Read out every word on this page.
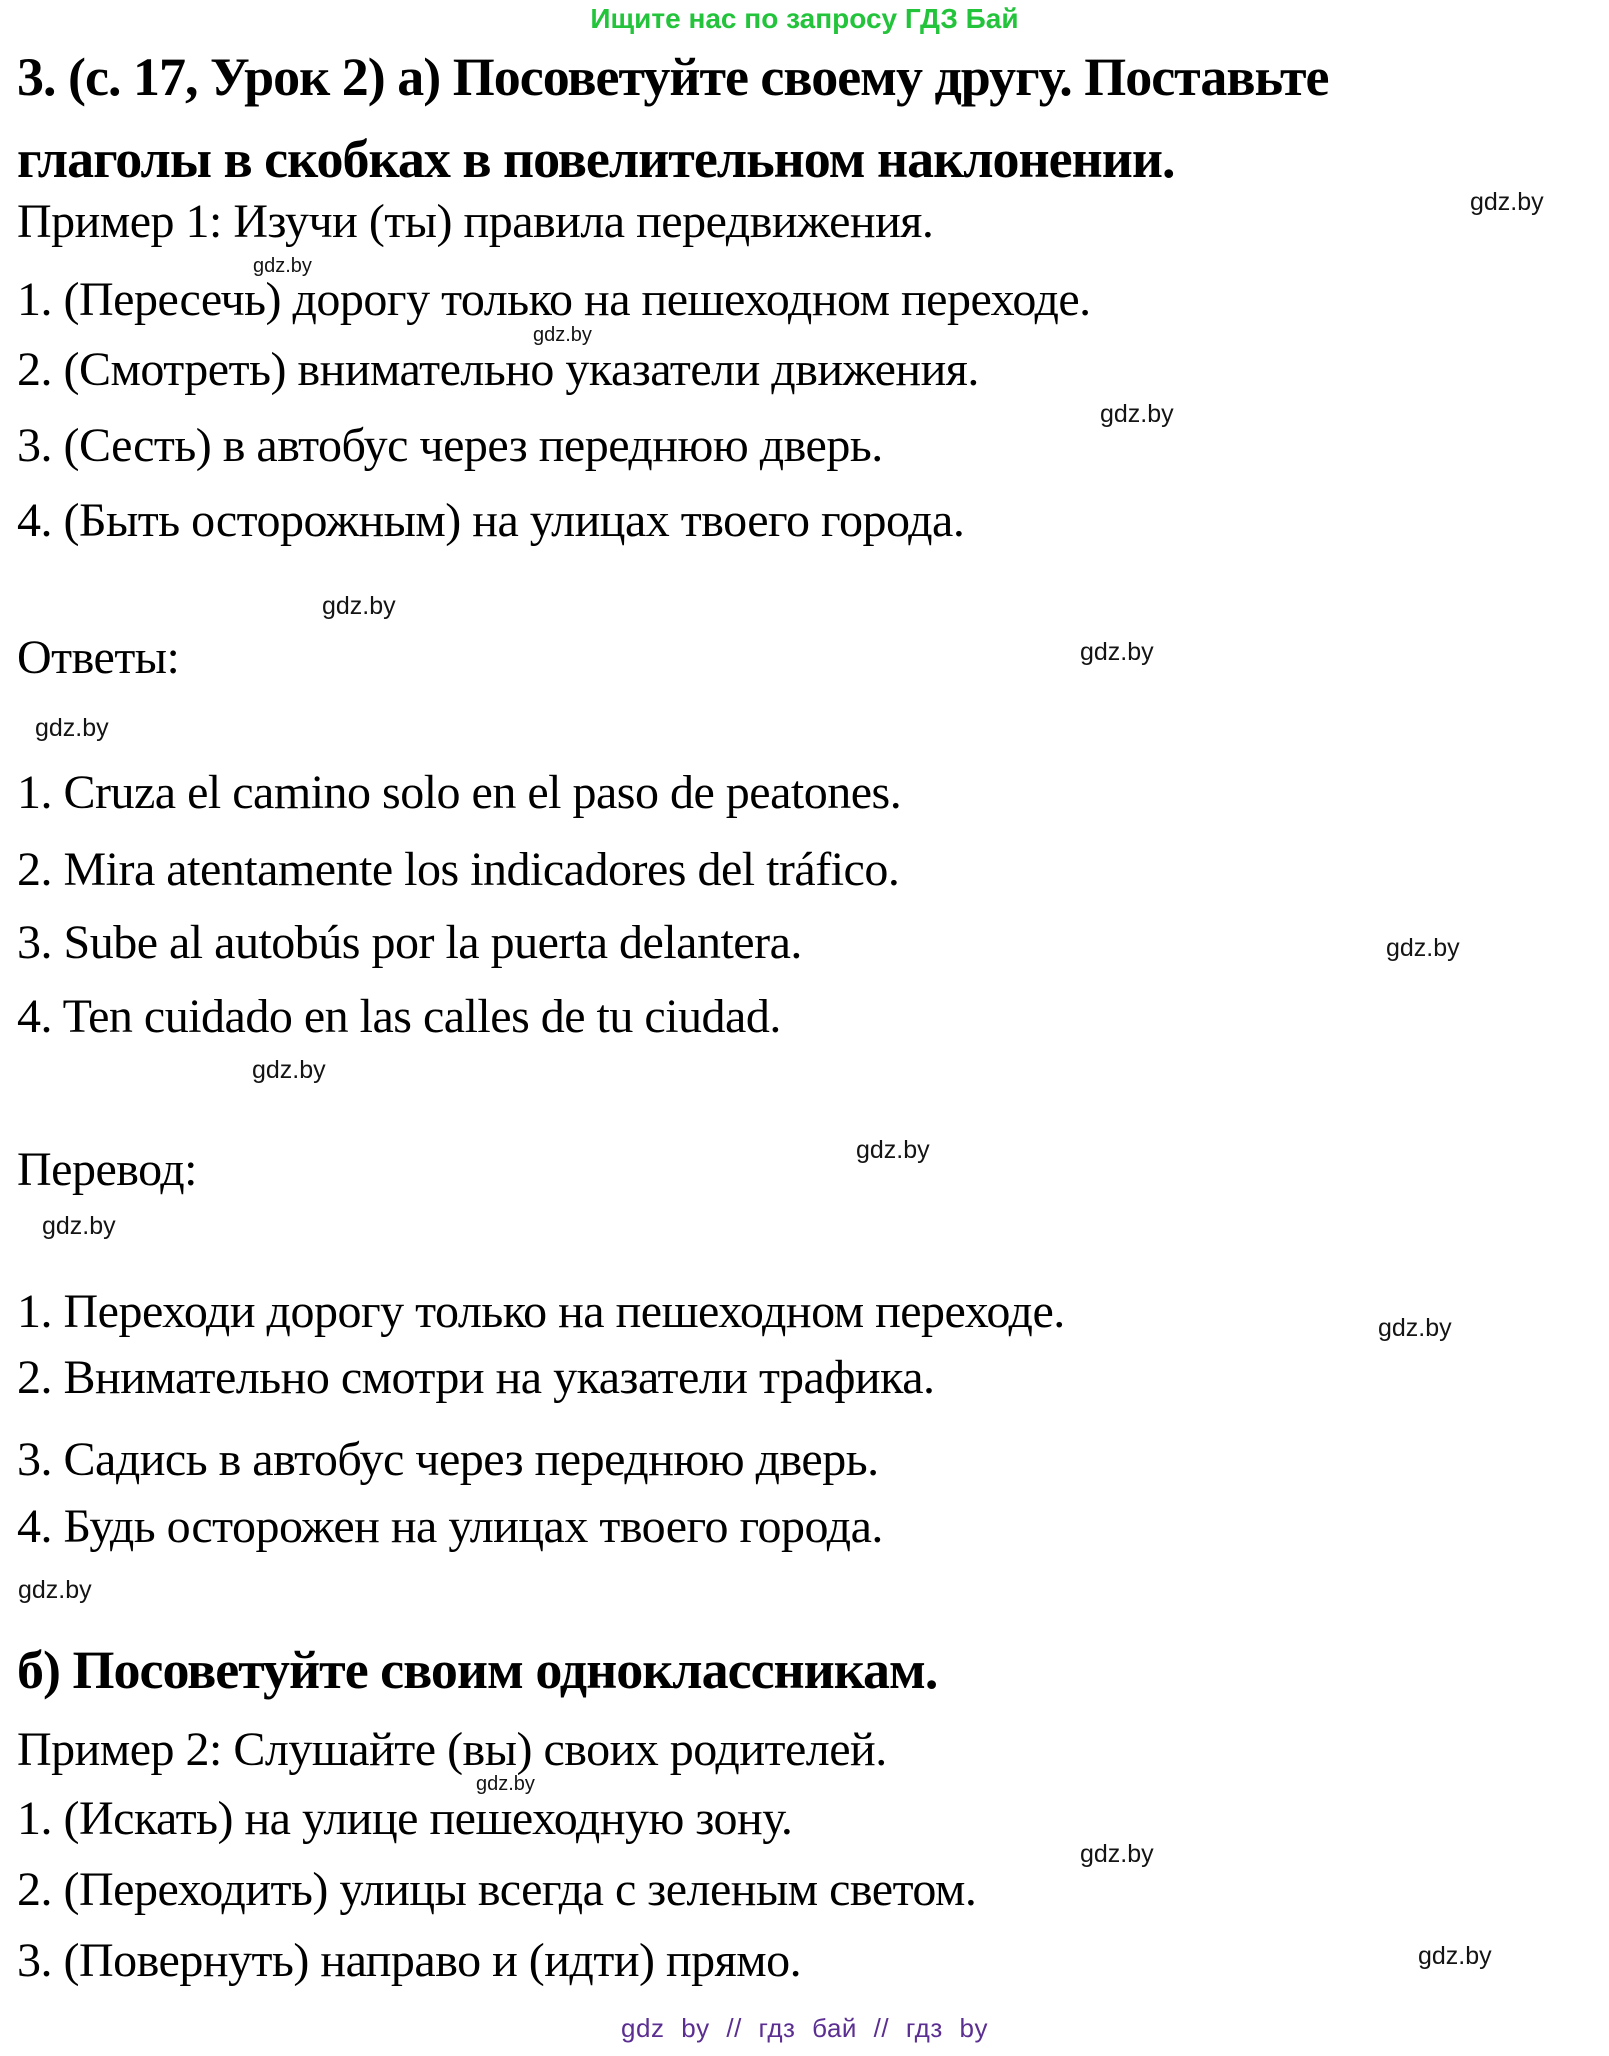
Ищите нас по запросу ГДЗ Бай
3. (с. 17, Урок 2) а) Посоветуйте своему другу. Поставьте
глаголы в скобках в повелительном наклонении.
Пример 1: Изучи (ты) правила передвижения.
1. (Пересечь) дорогу только на пешеходном переходе.
2. (Смотреть) внимательно указатели движения.
3. (Сесть) в автобус через переднюю дверь.
4. (Быть осторожным) на улицах твоего города.
Ответы:
1. Cruza el camino solo en el paso de peatones.
2. Mira atentamente los indicadores del tráfico.
3. Sube al autobús por la puerta delantera.
4. Ten cuidado en las calles de tu ciudad.
Перевод:
1. Переходи дорогу только на пешеходном переходе.
2. Внимательно смотри на указатели трафика.
3. Садись в автобус через переднюю дверь.
4. Будь осторожен на улицах твоего города.
б) Посоветуйте своим одноклассникам.
Пример 2: Слушайте (вы) своих родителей.
1. (Искать) на улице пешеходную зону.
2. (Переходить) улицы всегда с зеленым светом.
3. (Повернуть) направо и (идти) прямо.
gdz.by
gdz.by
gdz.by
gdz.by
gdz.by
gdz.by
gdz.by
gdz.by
gdz.by
gdz.by
gdz.by
gdz.by
gdz.by
gdz.by
gdz.by
gdz.by
gdz by // гдз бай // гдз by
